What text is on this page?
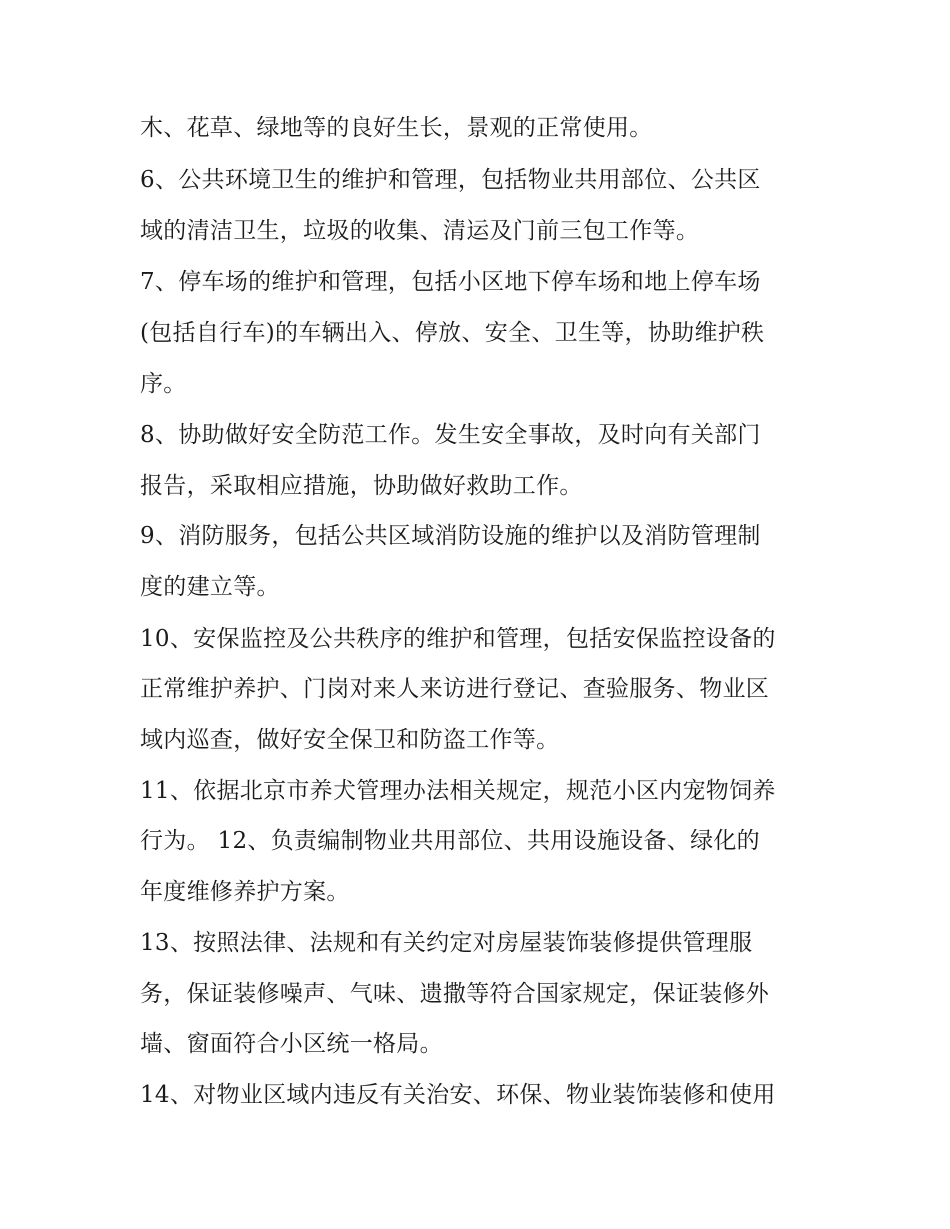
木、花草、绿地等的良好生长，景观的正常使用。
6、公共环境卫生的维护和管理，包括物业共用部位、公共区
域的清洁卫生，垃圾的收集、清运及门前三包工作等。
7、停车场的维护和管理，包括小区地下停车场和地上停车场
(包括自行车)的车辆出入、停放、安全、卫生等，协助维护秩
序。
8、协助做好安全防范工作。发生安全事故，及时向有关部门
报告，采取相应措施，协助做好救助工作。
9、消防服务，包括公共区域消防设施的维护以及消防管理制
度的建立等。
10、安保监控及公共秩序的维护和管理，包括安保监控设备的
正常维护养护、门岗对来人来访进行登记、查验服务、物业区
域内巡查，做好安全保卫和防盗工作等。
11、依据北京市养犬管理办法相关规定，规范小区内宠物饲养
行为。 12、负责编制物业共用部位、共用设施设备、绿化的
年度维修养护方案。
13、按照法律、法规和有关约定对房屋装饰装修提供管理服
务，保证装修噪声、气味、遗撒等符合国家规定，保证装修外
墙、窗面符合小区统一格局。
14、对物业区域内违反有关治安、环保、物业装饰装修和使用
